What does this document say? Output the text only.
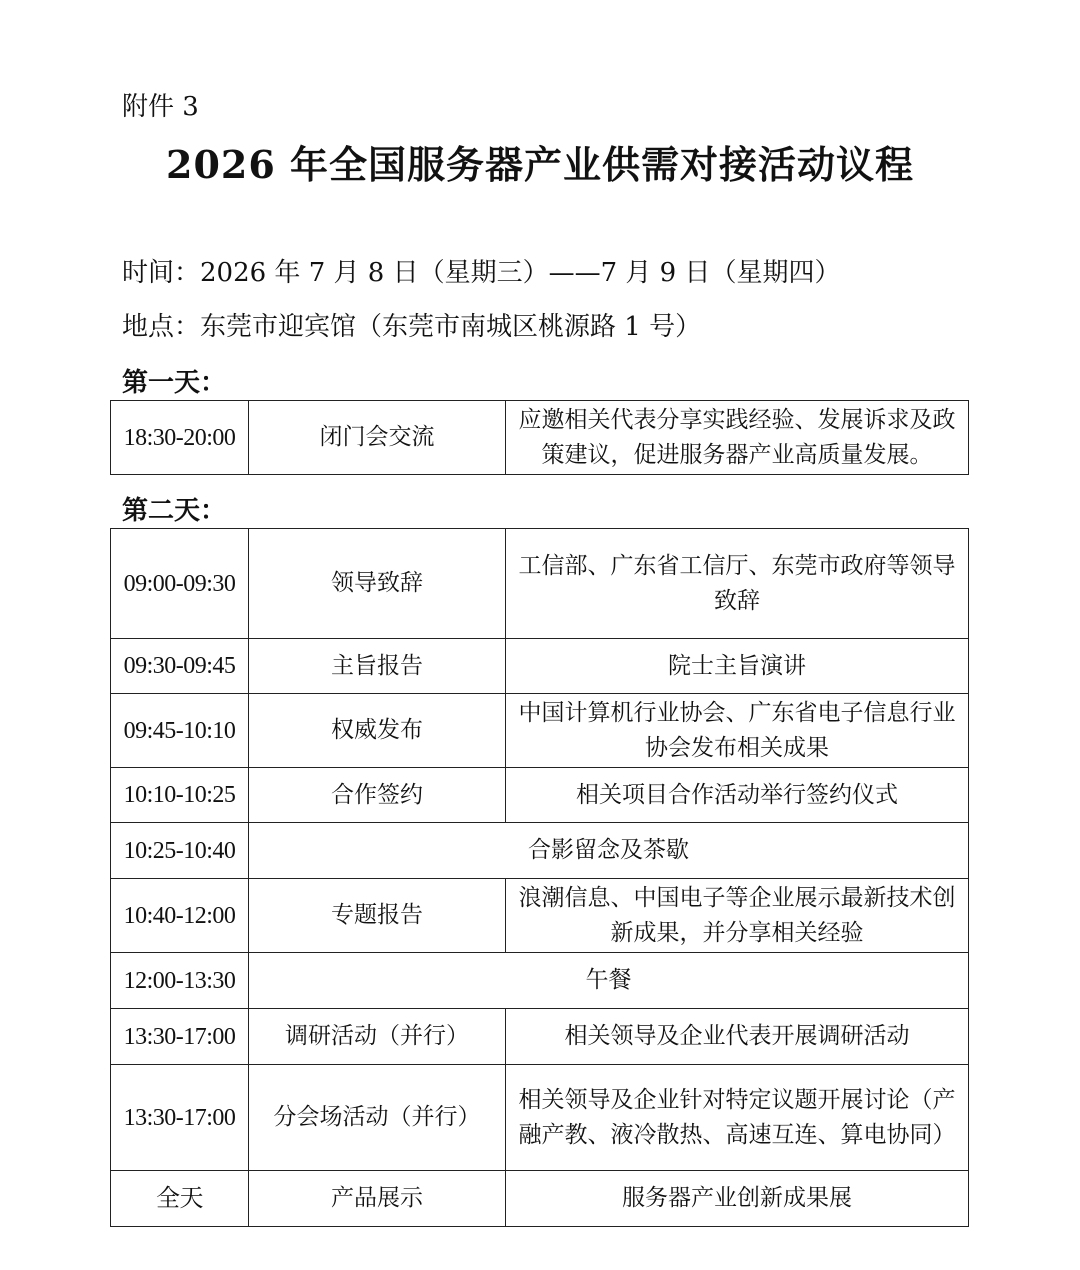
附件 3
2026 年全国服务器产业供需对接活动议程
时间：2026 年 7 月 8 日（星期三）——7 月 9 日（星期四）
地点：东莞市迎宾馆（东莞市南城区桃源路 1 号）
第一天：
18:30-20:00	闭门会交流	应邀相关代表分享实践经验、发展诉求及政策建议，促进服务器产业高质量发展。
第二天：
09:00-09:30	领导致辞	工信部、广东省工信厅、东莞市政府等领导致辞
09:30-09:45	主旨报告	院士主旨演讲
09:45-10:10	权威发布	中国计算机行业协会、广东省电子信息行业协会发布相关成果
10:10-10:25	合作签约	相关项目合作活动举行签约仪式
10:25-10:40	合影留念及茶歇	
10:40-12:00	专题报告	浪潮信息、中国电子等企业展示最新技术创新成果，并分享相关经验
12:00-13:30	午餐	
13:30-17:00	调研活动（并行）	相关领导及企业代表开展调研活动
13:30-17:00	分会场活动（并行）	相关领导及企业针对特定议题开展讨论（产融产教、液冷散热、高速互连、算电协同）
全天	产品展示	服务器产业创新成果展
